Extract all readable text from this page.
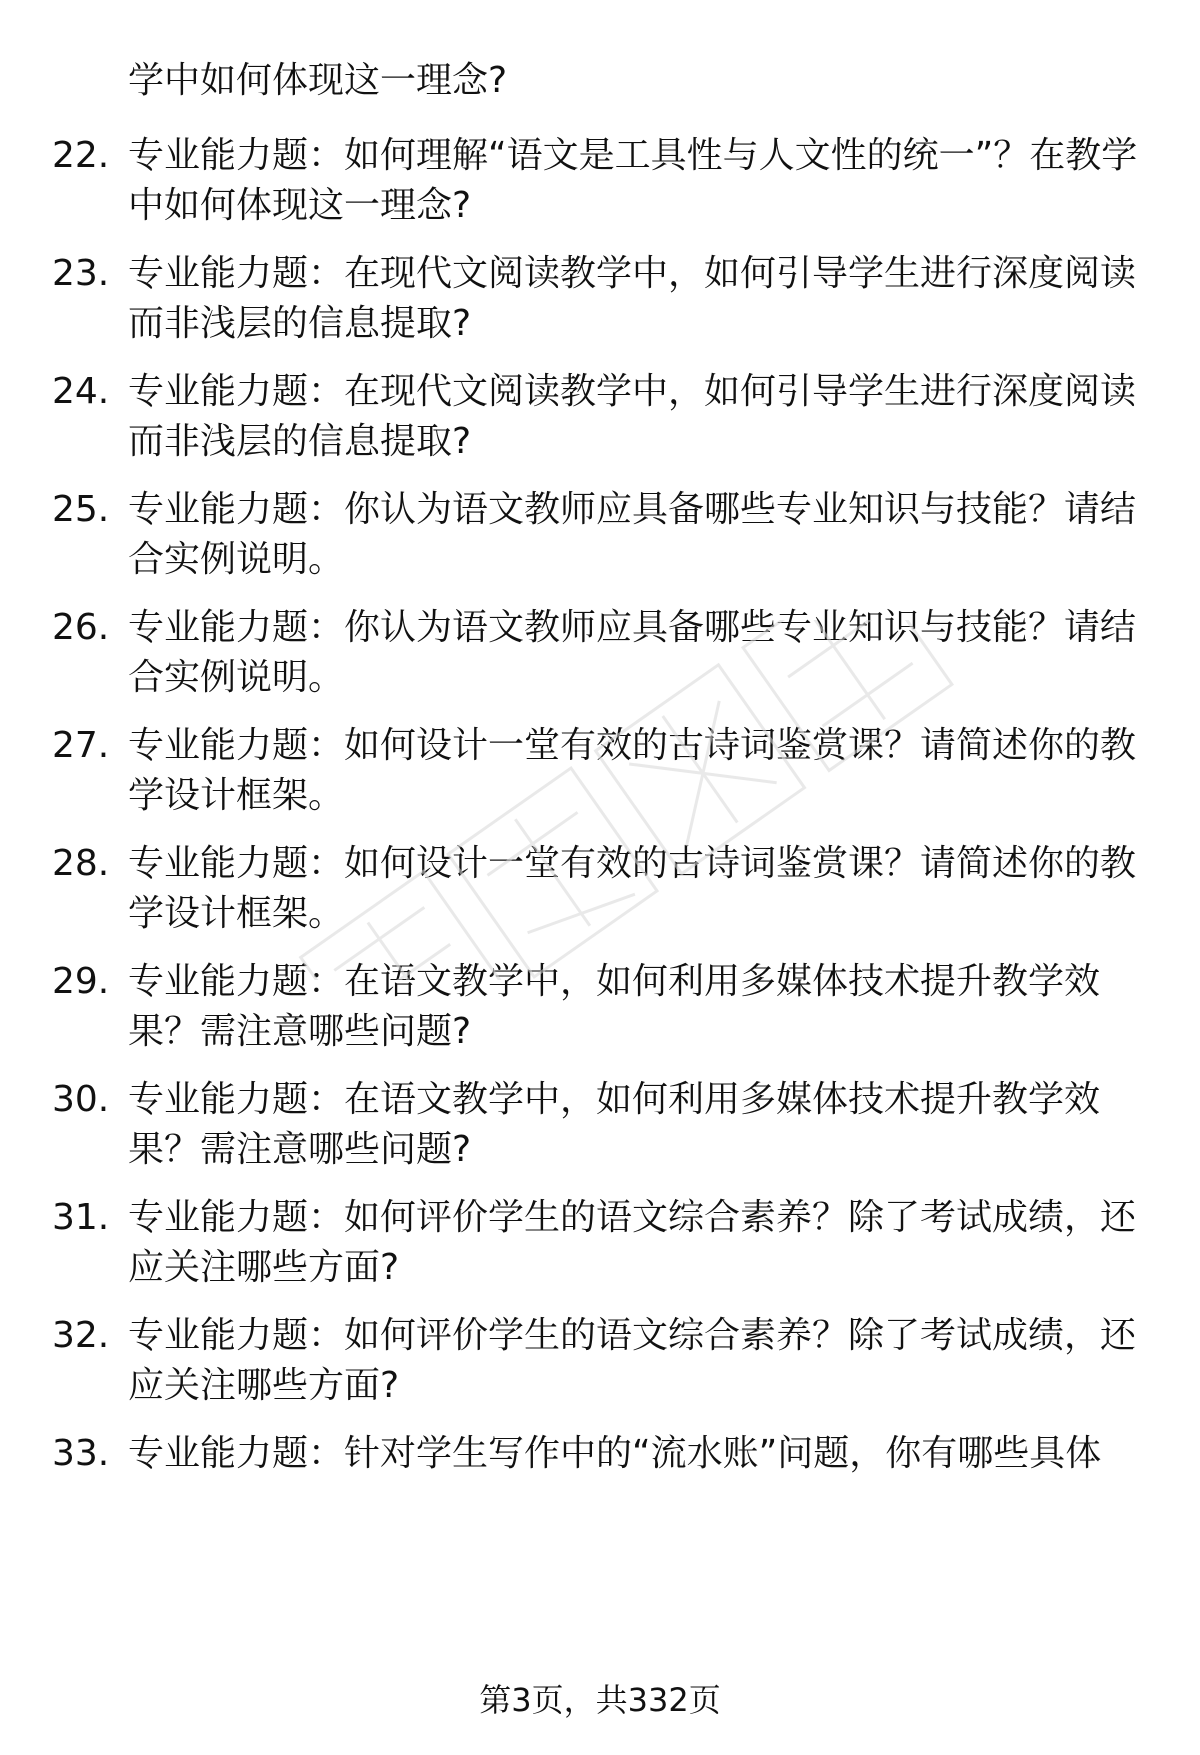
学中如何体现这一理念?

22. 专业能力题：如何理解“语文是工具性与人文性的统一”？在教学中如何体现这一理念?

23. 专业能力题：在现代文阅读教学中，如何引导学生进行深度阅读而非浅层的信息提取?

24. 专业能力题：在现代文阅读教学中，如何引导学生进行深度阅读而非浅层的信息提取?

25. 专业能力题：你认为语文教师应具备哪些专业知识与技能？请结合实例说明。

26. 专业能力题：你认为语文教师应具备哪些专业知识与技能？请结合实例说明。

27. 专业能力题：如何设计一堂有效的古诗词鉴赏课？请简述你的教学设计框架。

28. 专业能力题：如何设计一堂有效的古诗词鉴赏课？请简述你的教学设计框架。

29. 专业能力题：在语文教学中，如何利用多媒体技术提升教学效果？需注意哪些问题?

30. 专业能力题：在语文教学中，如何利用多媒体技术提升教学效果？需注意哪些问题?

31. 专业能力题：如何评价学生的语文综合素养？除了考试成绩，还应关注哪些方面?

32. 专业能力题：如何评价学生的语文综合素养？除了考试成绩，还应关注哪些方面?

33. 专业能力题：针对学生写作中的“流水账”问题，你有哪些具体

第3页，共332页
